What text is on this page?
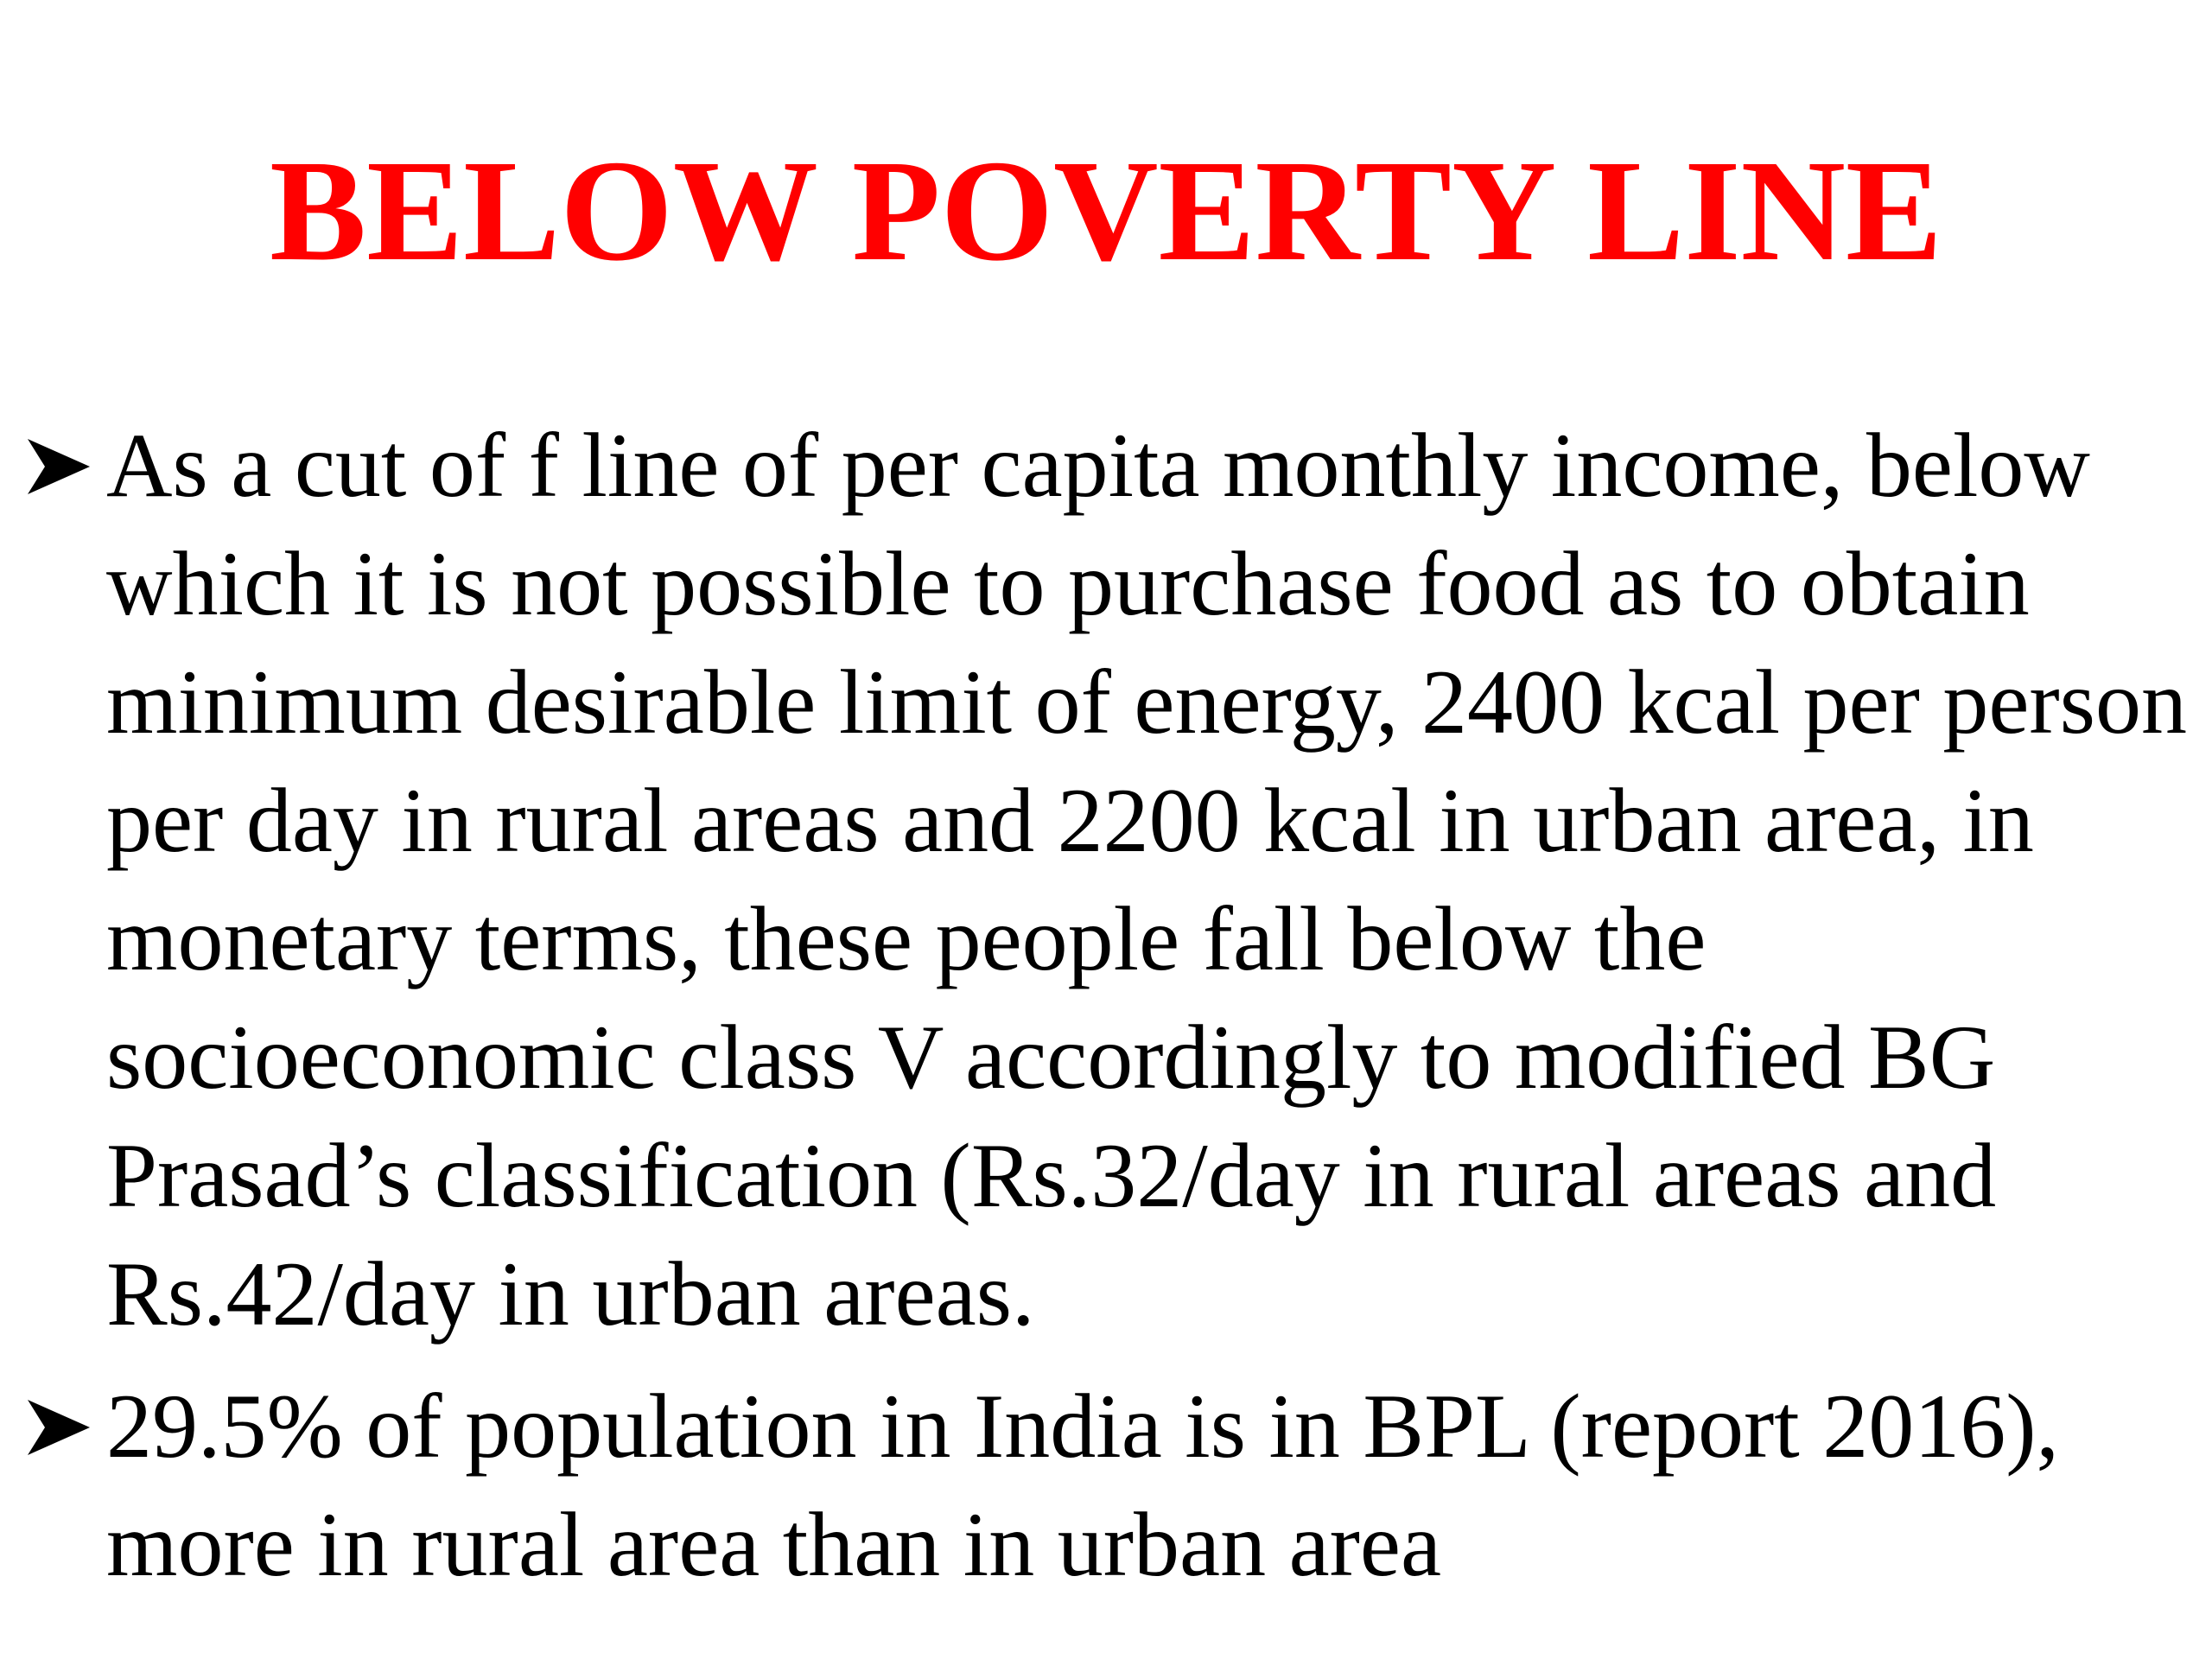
BELOW POVERTY LINE
As a cut of f line of per capita monthly income, below which it is not possible to purchase food as to obtain minimum desirable limit of energy, 2400 kcal per person per day in rural areas and 2200 kcal in urban area, in monetary terms, these people fall below the socioeconomic class V accordingly to modified BG Prasad’s classification (Rs.32/day in rural areas and Rs.42/day in urban areas.
29.5% of population in India is in BPL (report 2016), more in rural area than in urban area
